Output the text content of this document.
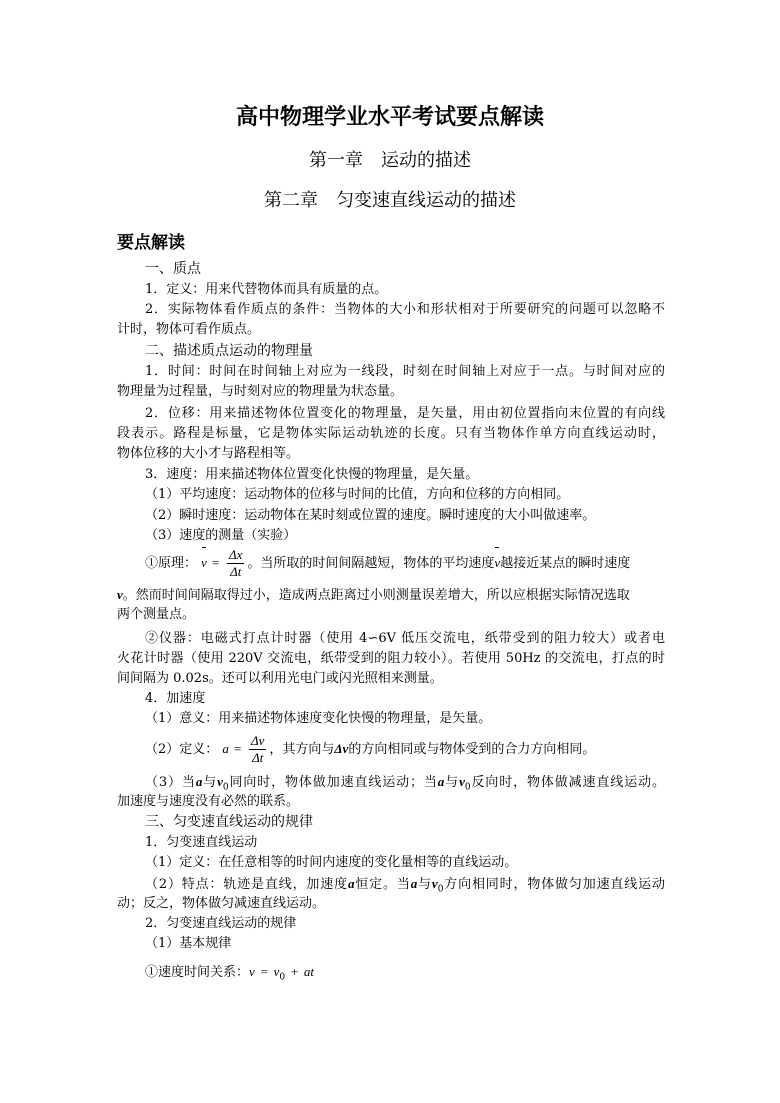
高中物理学业水平考试要点解读
第一章　运动的描述
第二章　匀变速直线运动的描述
要点解读
一、质点
1．定义：用来代替物体而具有质量的点。
2．实际物体看作质点的条件：当物体的大小和形状相对于所要研究的问题可以忽略不
计时，物体可看作质点。
二、描述质点运动的物理量
1．时间：时间在时间轴上对应为一线段，时刻在时间轴上对应于一点。与时间对应的
物理量为过程量，与时刻对应的物理量为状态量。
2．位移：用来描述物体位置变化的物理量，是矢量，用由初位置指向末位置的有向线
段表示。路程是标量，它是物体实际运动轨迹的长度。只有当物体作单方向直线运动时，
物体位移的大小才与路程相等。
3．速度：用来描述物体位置变化快慢的物理量，是矢量。
（1）平均速度：运动物体的位移与时间的比值，方向和位移的方向相同。
（2）瞬时速度：运动物体在某时刻或位置的速度。瞬时速度的大小叫做速率。
（3）速度的测量（实验）
①原理： $v = \frac{\Delta x}{\Delta t}$ 。当所取的时间间隔越短，物体的平均速度v越接近某点的瞬时速度
v。然而时间间隔取得过小，造成两点距离过小则测量误差增大，所以应根据实际情况选取
两个测量点。
②仪器：电磁式打点计时器（使用 4∽6V 低压交流电，纸带受到的阻力较大）或者电
火花计时器（使用 220V 交流电，纸带受到的阻力较小）。若使用 50Hz 的交流电，打点的时
间间隔为 0.02s。还可以利用光电门或闪光照相来测量。
4．加速度
（1）意义：用来描述物体速度变化快慢的物理量，是矢量。
（2）定义： $a = \frac{\Delta v}{\Delta t}$ ，其方向与Δv的方向相同或与物体受到的合力方向相同。
（3）当a与$v_0$同向时，物体做加速直线运动；当a与$v_0$反向时，物体做减速直线运动。
加速度与速度没有必然的联系。
三、匀变速直线运动的规律
1．匀变速直线运动
（1）定义：在任意相等的时间内速度的变化量相等的直线运动。
（2）特点：轨迹是直线，加速度a恒定。当a与$v_0$方向相同时，物体做匀加速直线运动
动；反之，物体做匀减速直线运动。
2．匀变速直线运动的规律
（1）基本规律
①速度时间关系：$v = v_0$ + at
